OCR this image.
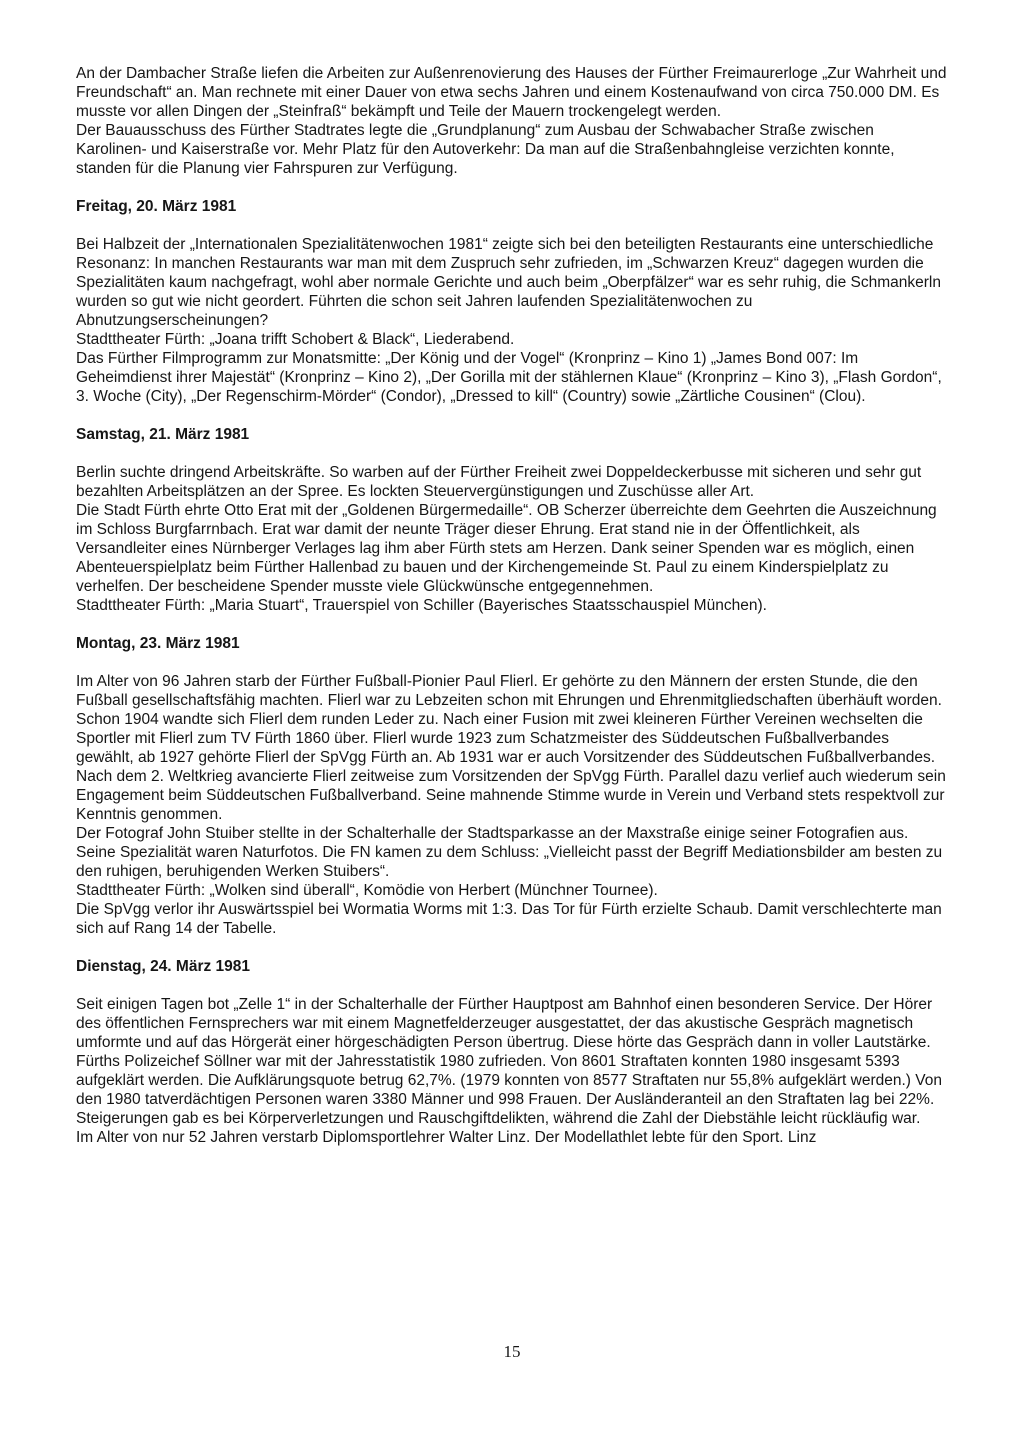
An der Dambacher Straße liefen die Arbeiten zur Außenrenovierung des Hauses der Fürther Freimaurerloge „Zur Wahrheit und Freundschaft“ an. Man rechnete mit einer Dauer von etwa sechs Jahren und einem Kostenaufwand von circa 750.000 DM. Es musste vor allen Dingen der „Steinfraß“ bekämpft und Teile der Mauern trockengelegt werden.

Der Bauausschuss des Fürther Stadtrates legte die „Grundplanung“ zum Ausbau der Schwabacher Straße zwischen Karolinen- und Kaiserstraße vor. Mehr Platz für den Autoverkehr: Da man auf die Straßenbahngleise verzichten konnte, standen für die Planung vier Fahrspuren zur Verfügung.

Freitag, 20. März 1981

Bei Halbzeit der „Internationalen Spezialitätenwochen 1981“ zeigte sich bei den beteiligten Restaurants eine unterschiedliche Resonanz: In manchen Restaurants war man mit dem Zuspruch sehr zufrieden, im „Schwarzen Kreuz“ dagegen wurden die Spezialitäten kaum nachgefragt, wohl aber normale Gerichte und auch beim „Oberpfälzer“ war es sehr ruhig, die Schmankerln wurden so gut wie nicht geordert. Führten die schon seit Jahren laufenden Spezialitätenwochen zu Abnutzungserscheinungen?

Stadttheater Fürth: „Joana trifft Schobert & Black“, Liederabend.

Das Fürther Filmprogramm zur Monatsmitte: „Der König und der Vogel“ (Kronprinz – Kino 1) „James Bond 007: Im Geheimdienst ihrer Majestät“ (Kronprinz – Kino 2), „Der Gorilla mit der stählernen Klaue“ (Kronprinz – Kino 3), „Flash Gordon“, 3. Woche (City), „Der Regenschirm-Mörder“ (Condor), „Dressed to kill“ (Country) sowie „Zärtliche Cousinen“ (Clou).

Samstag, 21. März 1981

Berlin suchte dringend Arbeitskräfte. So warben auf der Fürther Freiheit zwei Doppeldeckerbusse mit sicheren und sehr gut bezahlten Arbeitsplätzen an der Spree. Es lockten Steuervergünstigungen und Zuschüsse aller Art.

Die Stadt Fürth ehrte Otto Erat mit der „Goldenen Bürgermedaille“. OB Scherzer überreichte dem Geehrten die Auszeichnung im Schloss Burgfarrnbach. Erat war damit der neunte Träger dieser Ehrung. Erat stand nie in der Öffentlichkeit, als Versandleiter eines Nürnberger Verlages lag ihm aber Fürth stets am Herzen. Dank seiner Spenden war es möglich, einen Abenteuerspielplatz beim Fürther Hallenbad zu bauen und der Kirchengemeinde St. Paul zu einem Kinderspielplatz zu verhelfen. Der bescheidene Spender musste viele Glückwünsche entgegennehmen.

Stadttheater Fürth: „Maria Stuart“, Trauerspiel von Schiller (Bayerisches Staatsschauspiel München).

Montag, 23. März 1981

Im Alter von 96 Jahren starb der Fürther Fußball-Pionier Paul Flierl. Er gehörte zu den Männern der ersten Stunde, die den Fußball gesellschaftsfähig machten. Flierl war zu Lebzeiten schon mit Ehrungen und Ehrenmitgliedschaften überhäuft worden. Schon 1904 wandte sich Flierl dem runden Leder zu. Nach einer Fusion mit zwei kleineren Fürther Vereinen wechselten die Sportler mit Flierl zum TV Fürth 1860 über. Flierl wurde 1923 zum Schatzmeister des Süddeutschen Fußballverbandes gewählt, ab 1927 gehörte Flierl der SpVgg Fürth an. Ab 1931 war er auch Vorsitzender des Süddeutschen Fußballverbandes. Nach dem 2. Weltkrieg avancierte Flierl zeitweise zum Vorsitzenden der SpVgg Fürth. Parallel dazu verlief auch wiederum sein Engagement beim Süddeutschen Fußballverband. Seine mahnende Stimme wurde in Verein und Verband stets respektvoll zur Kenntnis genommen.

Der Fotograf John Stuiber stellte in der Schalterhalle der Stadtsparkasse an der Maxstraße einige seiner Fotografien aus. Seine Spezialität waren Naturfotos. Die FN kamen zu dem Schluss: „Vielleicht passt der Begriff Mediationsbilder am besten zu den ruhigen, beruhigenden Werken Stuibers“.

Stadttheater Fürth: „Wolken sind überall“, Komödie von Herbert (Münchner Tournee).

Die SpVgg verlor ihr Auswärtsspiel bei Wormatia Worms mit 1:3. Das Tor für Fürth erzielte Schaub. Damit verschlechterte man sich auf Rang 14 der Tabelle.

Dienstag, 24. März 1981

Seit einigen Tagen bot „Zelle 1“ in der Schalterhalle der Fürther Hauptpost am Bahnhof einen besonderen Service. Der Hörer des öffentlichen Fernsprechers war mit einem Magnetfelderzeuger ausgestattet, der das akustische Gespräch magnetisch umformte und auf das Hörgerät einer hörgeschädigten Person übertrug. Diese hörte das Gespräch dann in voller Lautstärke.

Fürths Polizeichef Söllner war mit der Jahresstatistik 1980 zufrieden. Von 8601 Straftaten konnten 1980 insgesamt 5393 aufgeklärt werden. Die Aufklärungsquote betrug 62,7%. (1979 konnten von 8577 Straftaten nur 55,8% aufgeklärt werden.) Von den 1980 tatverdächtigen Personen waren 3380 Männer und 998 Frauen. Der Ausländeranteil an den Straftaten lag bei 22%. Steigerungen gab es bei Körperverletzungen und Rauschgiftdelikten, während die Zahl der Diebstähle leicht rückläufig war.

Im Alter von nur 52 Jahren verstarb Diplomsportlehrer Walter Linz. Der Modellathlet lebte für den Sport. Linz

15
